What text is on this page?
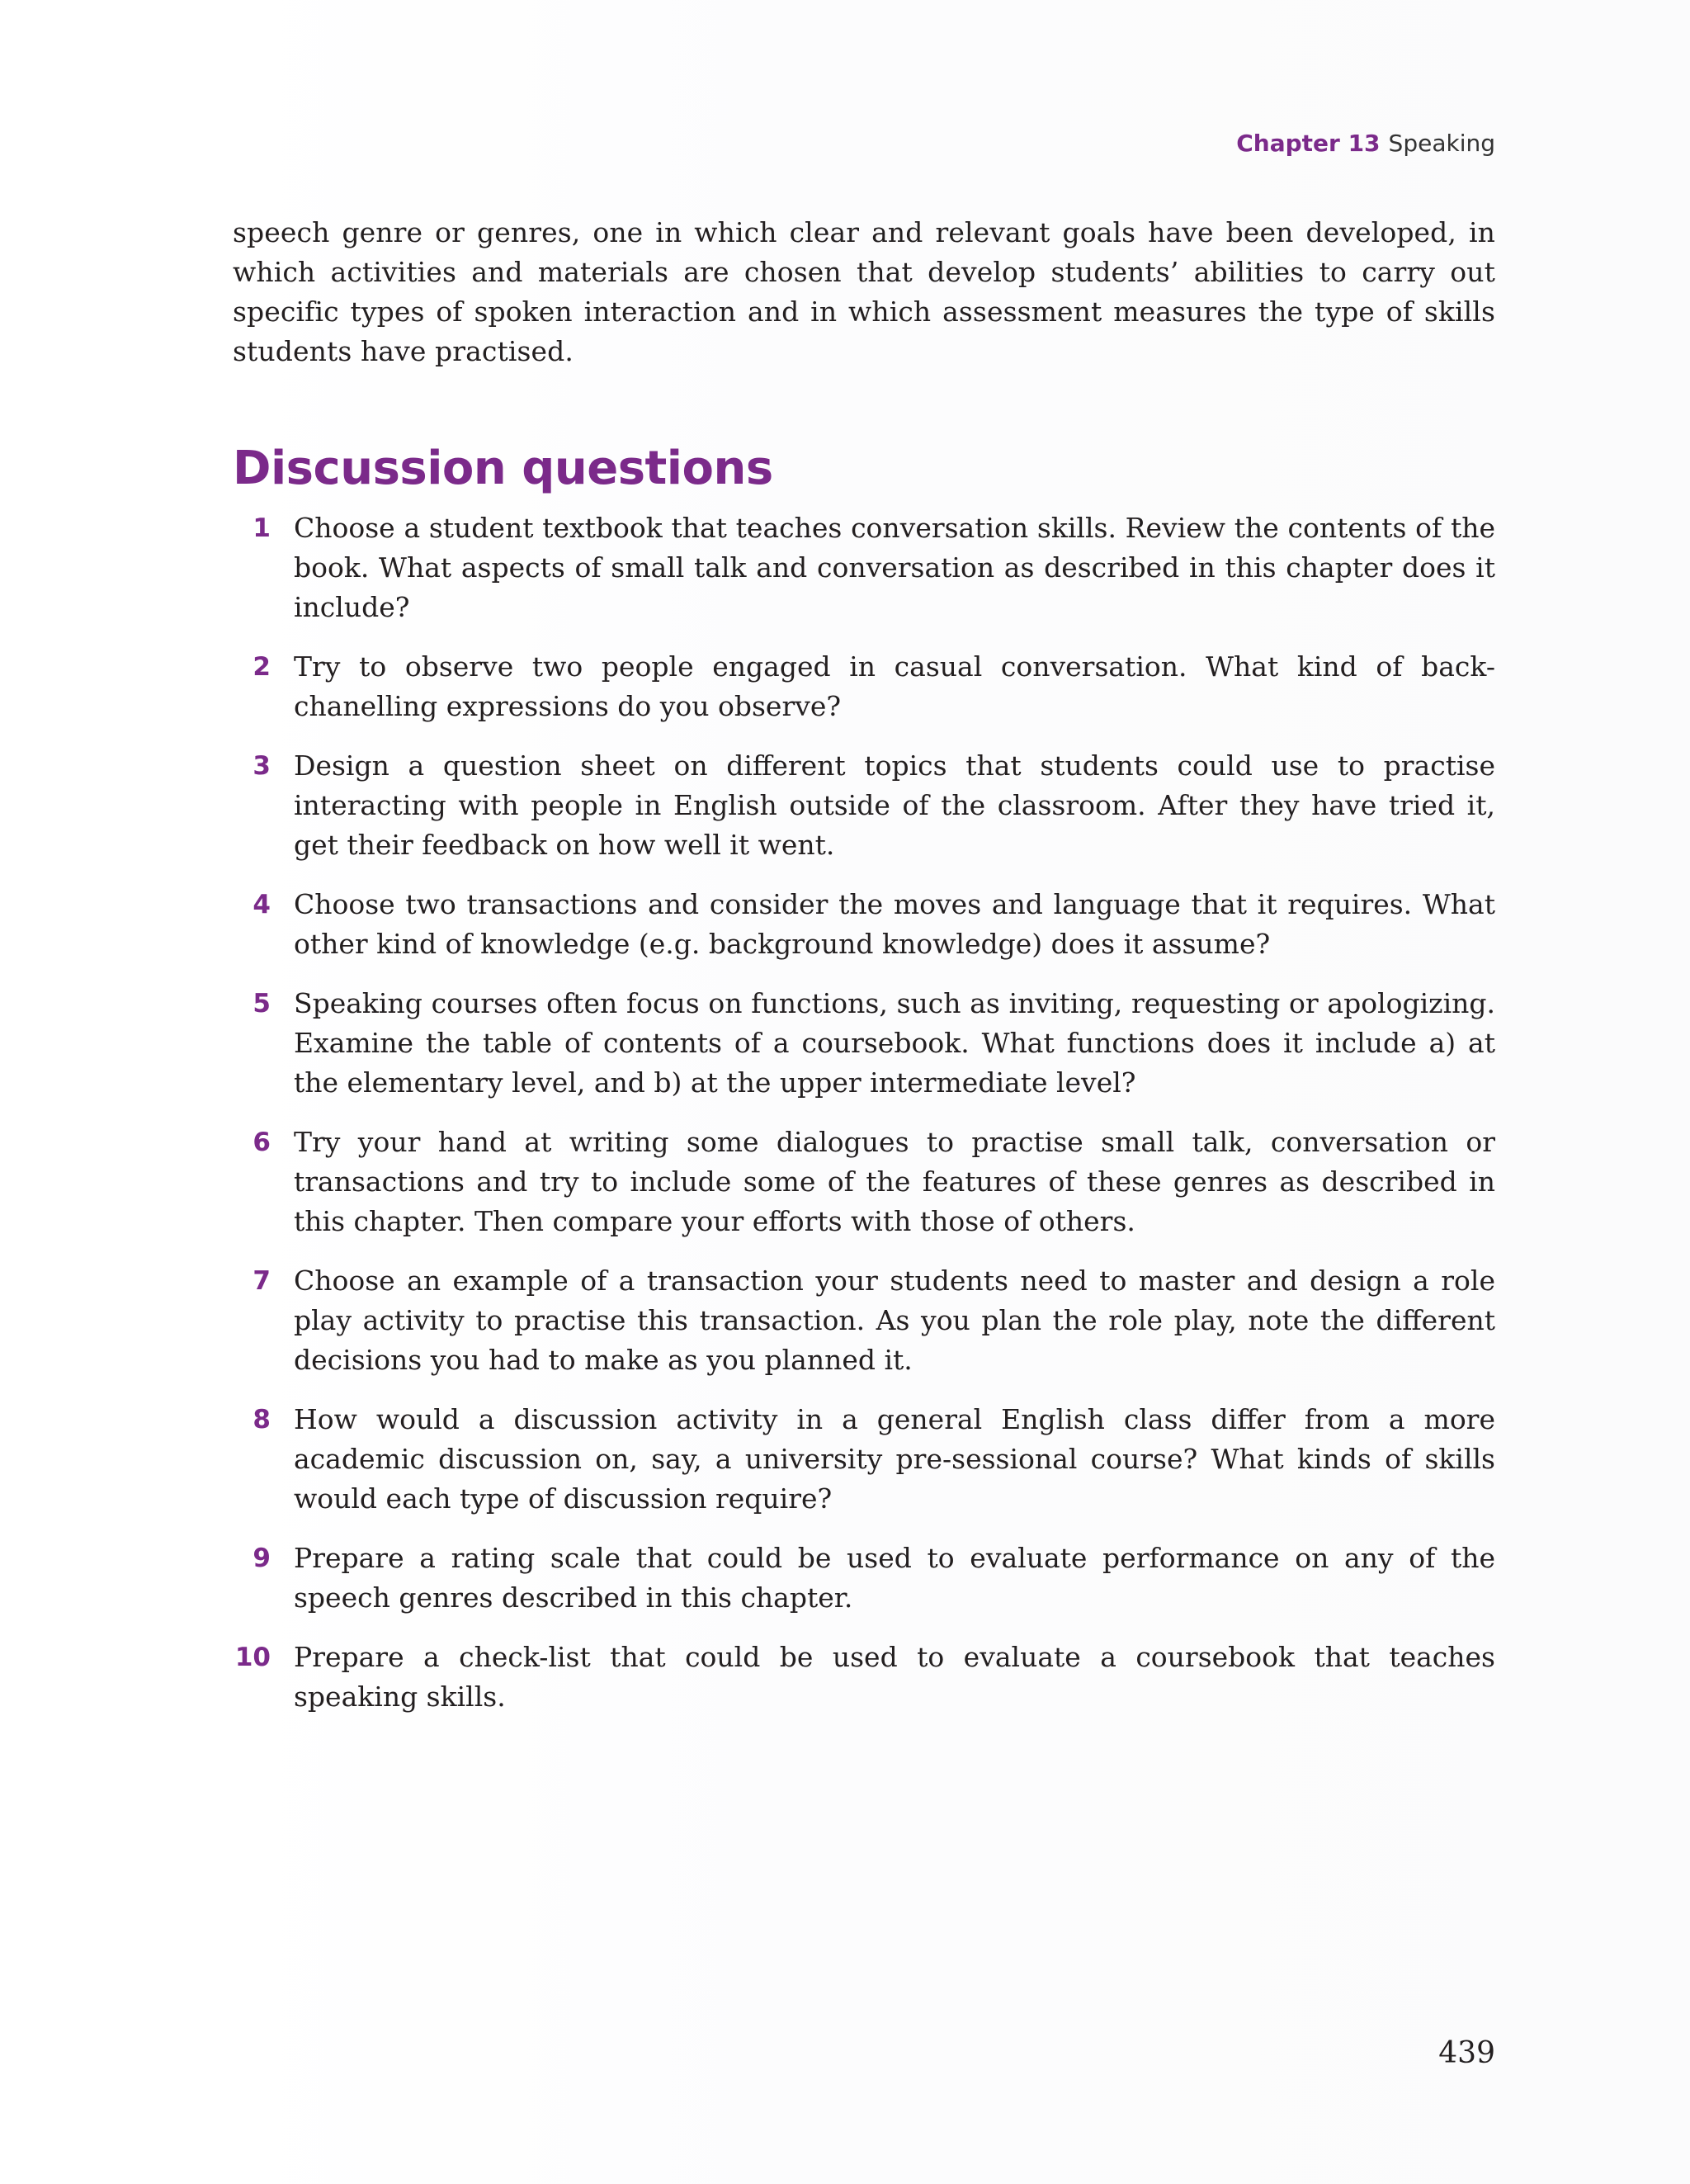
Chapter 13 Speaking

speech genre or genres, one in which clear and relevant goals have been developed, in which activities and materials are chosen that develop students’ abilities to carry out specific types of spoken interaction and in which assessment measures the type of skills students have practised.

Discussion questions
1 Choose a student textbook that teaches conversation skills. Review the contents of the book. What aspects of small talk and conversation as described in this chapter does it include?
2 Try to observe two people engaged in casual conversation. What kind of back-chanelling expressions do you observe?
3 Design a question sheet on different topics that students could use to practise interacting with people in English outside of the classroom. After they have tried it, get their feedback on how well it went.
4 Choose two transactions and consider the moves and language that it requires. What other kind of knowledge (e.g. background knowledge) does it assume?
5 Speaking courses often focus on functions, such as inviting, requesting or apologizing. Examine the table of contents of a coursebook. What functions does it include a) at the elementary level, and b) at the upper intermediate level?
6 Try your hand at writing some dialogues to practise small talk, conversation or transactions and try to include some of the features of these genres as described in this chapter. Then compare your efforts with those of others.
7 Choose an example of a transaction your students need to master and design a role play activity to practise this transaction. As you plan the role play, note the different decisions you had to make as you planned it.
8 How would a discussion activity in a general English class differ from a more academic discussion on, say, a university pre-sessional course? What kinds of skills would each type of discussion require?
9 Prepare a rating scale that could be used to evaluate performance on any of the speech genres described in this chapter.
10 Prepare a check-list that could be used to evaluate a coursebook that teaches speaking skills.
439
